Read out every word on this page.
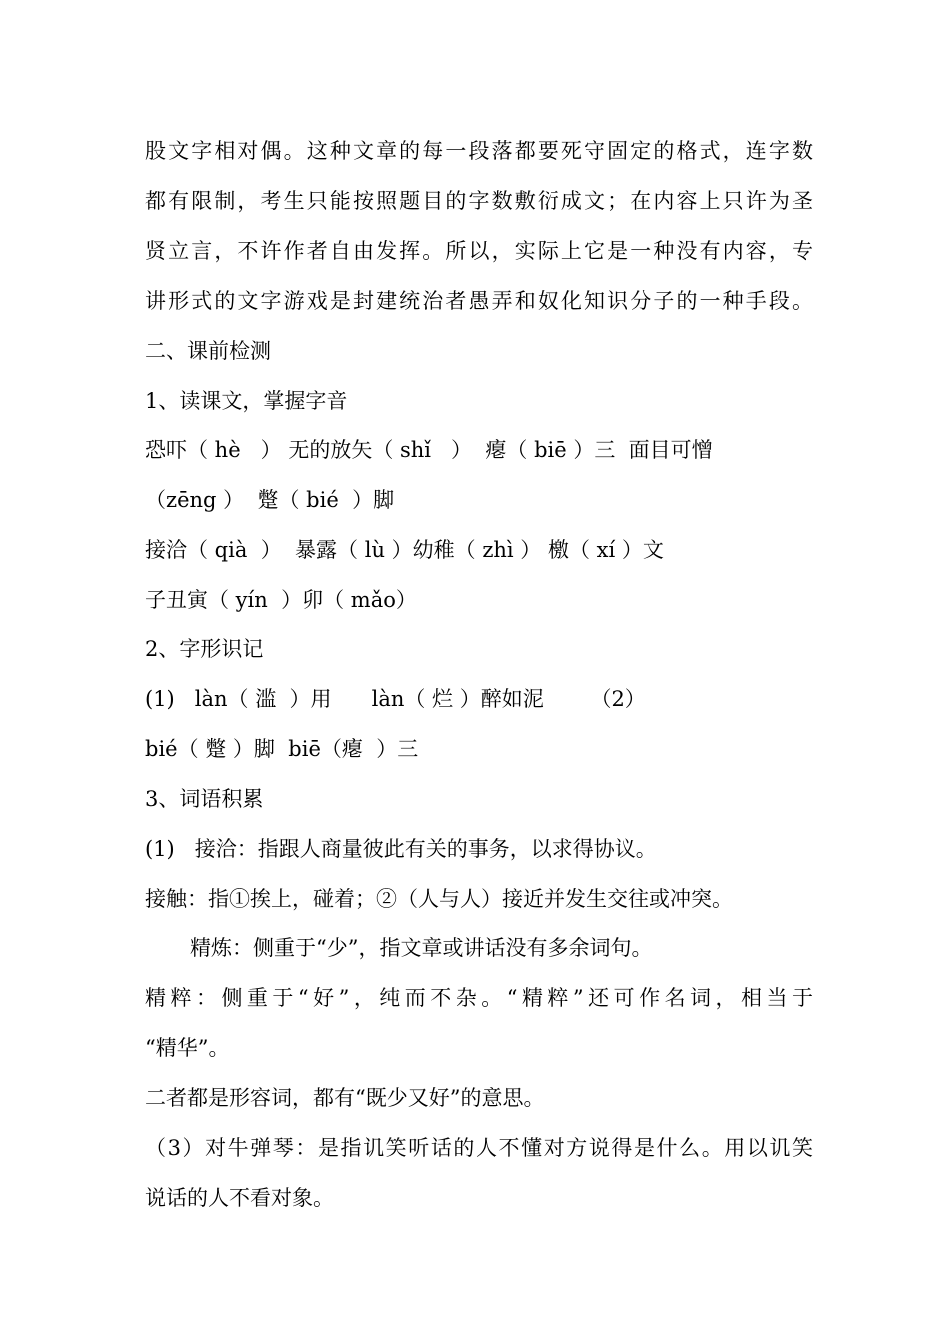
股文字相对偶。这种文章的每一段落都要死守固定的格式，连字数
都有限制，考生只能按照题目的字数敷衍成文；在内容上只许为圣
贤立言，不许作者自由发挥。所以，实际上它是一种没有内容，专
讲形式的文字游戏是封建统治者愚弄和奴化知识分子的一种手段。
二、课前检测
1、读课文，掌握字音
恐吓（ hè   ） 无的放矢（ shǐ   ）  瘪（ biē ）三  面目可憎
（zēng ）  蹩（ bié  ）脚
接洽（ qià  ）  暴露（ lù ）幼稚（ zhì ） 檄（ xí ）文
子丑寅（ yín  ）卯（ mǎo）
2、字形识记
(1)   làn（ 滥  ）用      làn（ 烂 ）醉如泥       （2）
bié（ 蹩 ）脚  biē（瘪  ）三
3、词语积累
(1)   接洽：指跟人商量彼此有关的事务，以求得协议。
接触：指①挨上，碰着；②（人与人）接近并发生交往或冲突。
精炼：侧重于“少”，指文章或讲话没有多余词句。
精粹：侧重于“好”，纯而不杂。“精粹”还可作名词，相当于
“精华”。
二者都是形容词，都有“既少又好”的意思。
（3）对牛弹琴：是指讥笑听话的人不懂对方说得是什么。用以讥笑
说话的人不看对象。
